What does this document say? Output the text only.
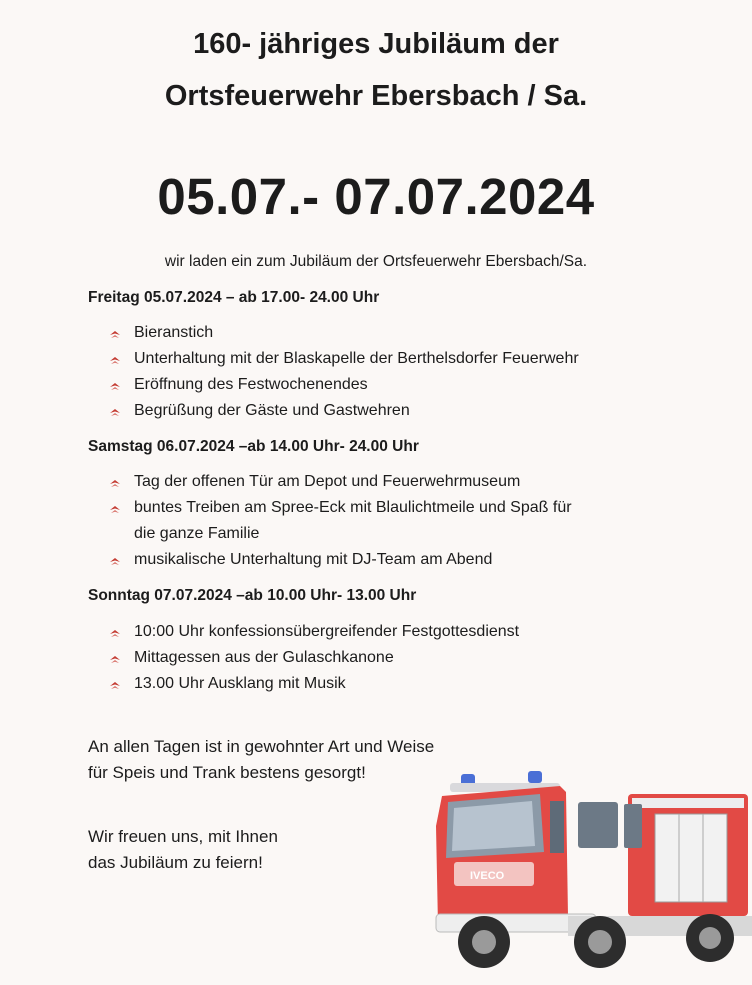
160- jähriges Jubiläum der
Ortsfeuerwehr Ebersbach / Sa.
05.07.- 07.07.2024
wir laden ein zum Jubiläum der Ortsfeuerwehr Ebersbach/Sa.
Freitag 05.07.2024 – ab 17.00- 24.00 Uhr
Bieranstich
Unterhaltung mit der Blaskapelle der Berthelsdorfer Feuerwehr
Eröffnung des Festwochenendes
Begrüßung der Gäste und Gastwehren
Samstag 06.07.2024 –ab 14.00 Uhr- 24.00 Uhr
Tag der offenen Tür am Depot und Feuerwehrmuseum
buntes Treiben am Spree-Eck mit Blaulichtmeile und Spaß für
die ganze Familie
musikalische Unterhaltung mit DJ-Team am Abend
Sonntag 07.07.2024 –ab 10.00 Uhr- 13.00 Uhr
10:00 Uhr konfessionsübergreifender Festgottesdienst
Mittagessen aus der Gulaschkanone
13.00 Uhr Ausklang mit Musik
An allen Tagen ist in gewohnter Art und Weise
für Speis und Trank bestens gesorgt!
Wir freuen uns, mit Ihnen
das Jubiläum zu feiern!
IVECO
